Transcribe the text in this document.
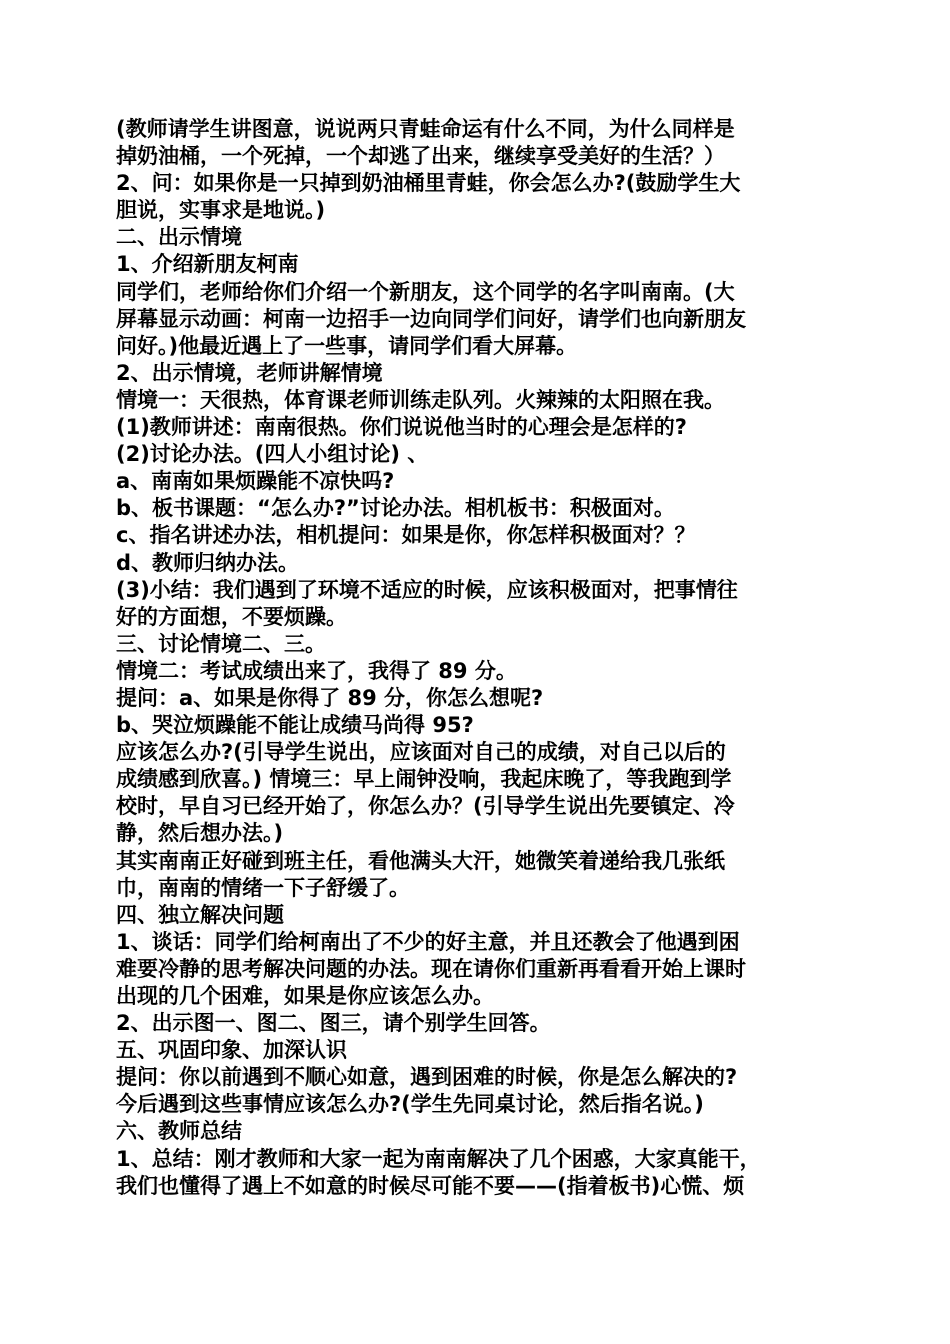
(教师请学生讲图意，说说两只青蛙命运有什么不同，为什么同样是
掉奶油桶，一个死掉，一个却逃了出来，继续享受美好的生活？）
2、问：如果你是一只掉到奶油桶里青蛙，你会怎么办?(鼓励学生大
胆说，实事求是地说。)
二、出示情境
1、介绍新朋友柯南
同学们，老师给你们介绍一个新朋友，这个同学的名字叫南南。(大
屏幕显示动画：柯南一边招手一边向同学们问好，请学们也向新朋友
问好。)他最近遇上了一些事，请同学们看大屏幕。
2、出示情境，老师讲解情境
情境一：天很热，体育课老师训练走队列。火辣辣的太阳照在我。
(1)教师讲述：南南很热。你们说说他当时的心理会是怎样的?
(2)讨论办法。(四人小组讨论) 、
a、南南如果烦躁能不凉快吗?
b、板书课题：“怎么办?”讨论办法。相机板书：积极面对。
c、指名讲述办法，相机提问：如果是你，你怎样积极面对？？
d、教师归纳办法。
(3)小结：我们遇到了环境不适应的时候，应该积极面对，把事情往
好的方面想，不要烦躁。
三、讨论情境二、三。
情境二：考试成绩出来了，我得了 89 分。
提问：a、如果是你得了 89 分，你怎么想呢?
b、哭泣烦躁能不能让成绩马尚得 95?
应该怎么办?(引导学生说出，应该面对自己的成绩，对自己以后的
成绩感到欣喜。) 情境三：早上闹钟没响，我起床晚了，等我跑到学
校时，早自习已经开始了，你怎么办？(引导学生说出先要镇定、冷
静，然后想办法。)
其实南南正好碰到班主任，看他满头大汗，她微笑着递给我几张纸
巾，南南的情绪一下子舒缓了。
四、独立解决问题
1、谈话：同学们给柯南出了不少的好主意，并且还教会了他遇到困
难要冷静的思考解决问题的办法。现在请你们重新再看看开始上课时
出现的几个困难，如果是你应该怎么办。
2、出示图一、图二、图三，请个别学生回答。
五、巩固印象、加深认识
提问：你以前遇到不顺心如意，遇到困难的时候，你是怎么解决的?
今后遇到这些事情应该怎么办?(学生先同桌讨论，然后指名说。)
六、教师总结
1、总结：刚才教师和大家一起为南南解决了几个困惑，大家真能干，
我们也懂得了遇上不如意的时候尽可能不要——(指着板书)心慌、烦
